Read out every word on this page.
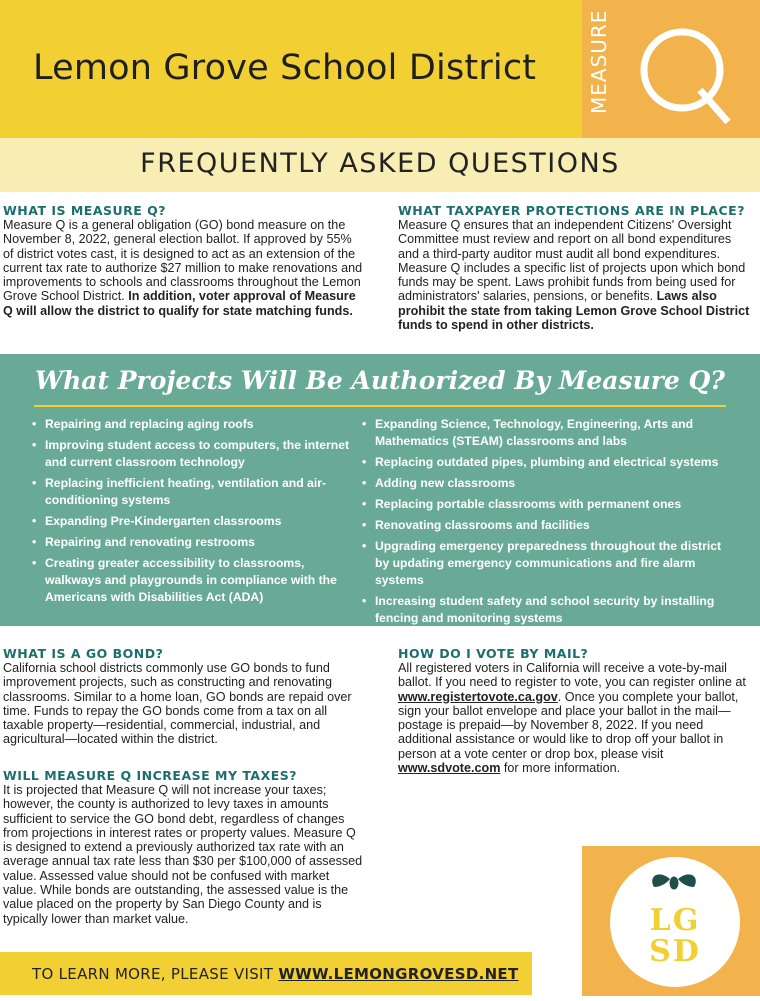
Lemon Grove School District	MEASURE
FREQUENTLY ASKED QUESTIONS
WHAT IS MEASURE Q?

Measure Q is a general obligation (GO) bond measure on the November 8, 2022, general election ballot. If approved by 55% of district votes cast, it is designed to act as an extension of the current tax rate to authorize $27 million to make renovations and improvements to schools and classrooms throughout the Lemon Grove School District. In addition, voter approval of Measure Q will allow the district to qualify for state matching funds.

WHAT TAXPAYER PROTECTIONS ARE IN PLACE?

Measure Q ensures that an independent Citizens' Oversight Committee must review and report on all bond expenditures and a third-party auditor must audit all bond expenditures. Measure Q includes a specific list of projects upon which bond funds may be spent. Laws prohibit funds from being used for administrators' salaries, pensions, or benefits. Laws also prohibit the state from taking Lemon Grove School District funds to spend in other districts.

What Projects Will Be Authorized By Measure Q?
• Repairing and replacing aging roofs
• Improving student access to computers, the internet and current classroom technology
• Replacing inefficient heating, ventilation and air-conditioning systems
• Expanding Pre-Kindergarten classrooms
• Repairing and renovating restrooms
• Creating greater accessibility to classrooms, walkways and playgrounds in compliance with the Americans with Disabilities Act (ADA)
• Expanding Science, Technology, Engineering, Arts and Mathematics (STEAM) classrooms and labs
• Replacing outdated pipes, plumbing and electrical systems
• Adding new classrooms
• Replacing portable classrooms with permanent ones
• Renovating classrooms and facilities
• Upgrading emergency preparedness throughout the district by updating emergency communications and fire alarm systems
• Increasing student safety and school security by installing fencing and monitoring systems
WHAT IS A GO BOND?

California school districts commonly use GO bonds to fund improvement projects, such as constructing and renovating classrooms. Similar to a home loan, GO bonds are repaid over time. Funds to repay the GO bonds come from a tax on all taxable property—residential, commercial, industrial, and agricultural—located within the district.

WILL MEASURE Q INCREASE MY TAXES?

It is projected that Measure Q will not increase your taxes; however, the county is authorized to levy taxes in amounts sufficient to service the GO bond debt, regardless of changes from projections in interest rates or property values. Measure Q is designed to extend a previously authorized tax rate with an average annual tax rate less than $30 per $100,000 of assessed value. Assessed value should not be confused with market value. While bonds are outstanding, the assessed value is the value placed on the property by San Diego County and is typically lower than market value.

HOW DO I VOTE BY MAIL?

All registered voters in California will receive a vote-by-mail ballot. If you need to register to vote, you can register online at www.registertovote.ca.gov. Once you complete your ballot, sign your ballot envelope and place your ballot in the mail—postage is prepaid—by November 8, 2022. If you need additional assistance or would like to drop off your ballot in person at a vote center or drop box, please visit www.sdvote.com for more information.

TO LEARN MORE, PLEASE VISIT WWW.LEMONGROVESD.NET
LG
SD
